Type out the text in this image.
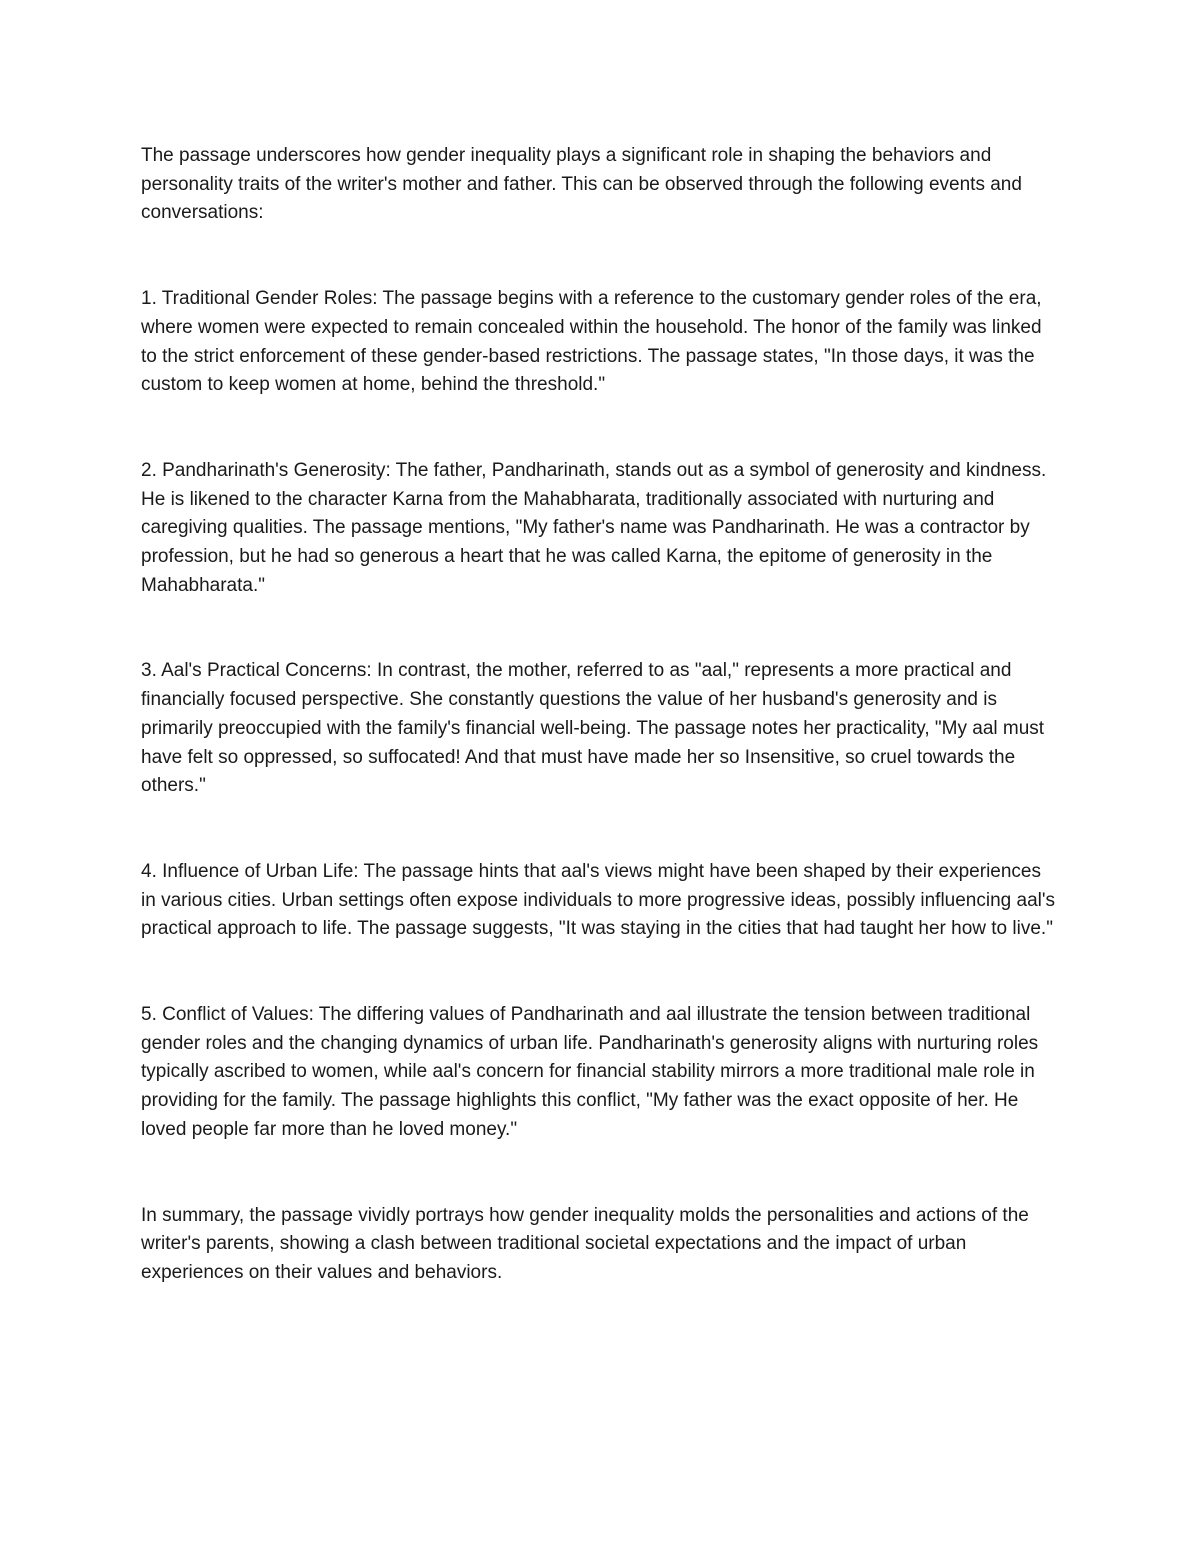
The passage underscores how gender inequality plays a significant role in shaping the behaviors and personality traits of the writer's mother and father. This can be observed through the following events and conversations:

1. Traditional Gender Roles: The passage begins with a reference to the customary gender roles of the era, where women were expected to remain concealed within the household. The honor of the family was linked to the strict enforcement of these gender-based restrictions. The passage states, "In those days, it was the custom to keep women at home, behind the threshold."

2. Pandharinath's Generosity: The father, Pandharinath, stands out as a symbol of generosity and kindness. He is likened to the character Karna from the Mahabharata, traditionally associated with nurturing and caregiving qualities. The passage mentions, "My father's name was Pandharinath. He was a contractor by profession, but he had so generous a heart that he was called Karna, the epitome of generosity in the Mahabharata."

3. Aal's Practical Concerns: In contrast, the mother, referred to as "aal," represents a more practical and financially focused perspective. She constantly questions the value of her husband's generosity and is primarily preoccupied with the family's financial well-being. The passage notes her practicality, "My aal must have felt so oppressed, so suffocated! And that must have made her so Insensitive, so cruel towards the others."

4. Influence of Urban Life: The passage hints that aal's views might have been shaped by their experiences in various cities. Urban settings often expose individuals to more progressive ideas, possibly influencing aal's practical approach to life. The passage suggests, "It was staying in the cities that had taught her how to live."

5. Conflict of Values: The differing values of Pandharinath and aal illustrate the tension between traditional gender roles and the changing dynamics of urban life. Pandharinath's generosity aligns with nurturing roles typically ascribed to women, while aal's concern for financial stability mirrors a more traditional male role in providing for the family. The passage highlights this conflict, "My father was the exact opposite of her. He loved people far more than he loved money."

In summary, the passage vividly portrays how gender inequality molds the personalities and actions of the writer's parents, showing a clash between traditional societal expectations and the impact of urban experiences on their values and behaviors.
